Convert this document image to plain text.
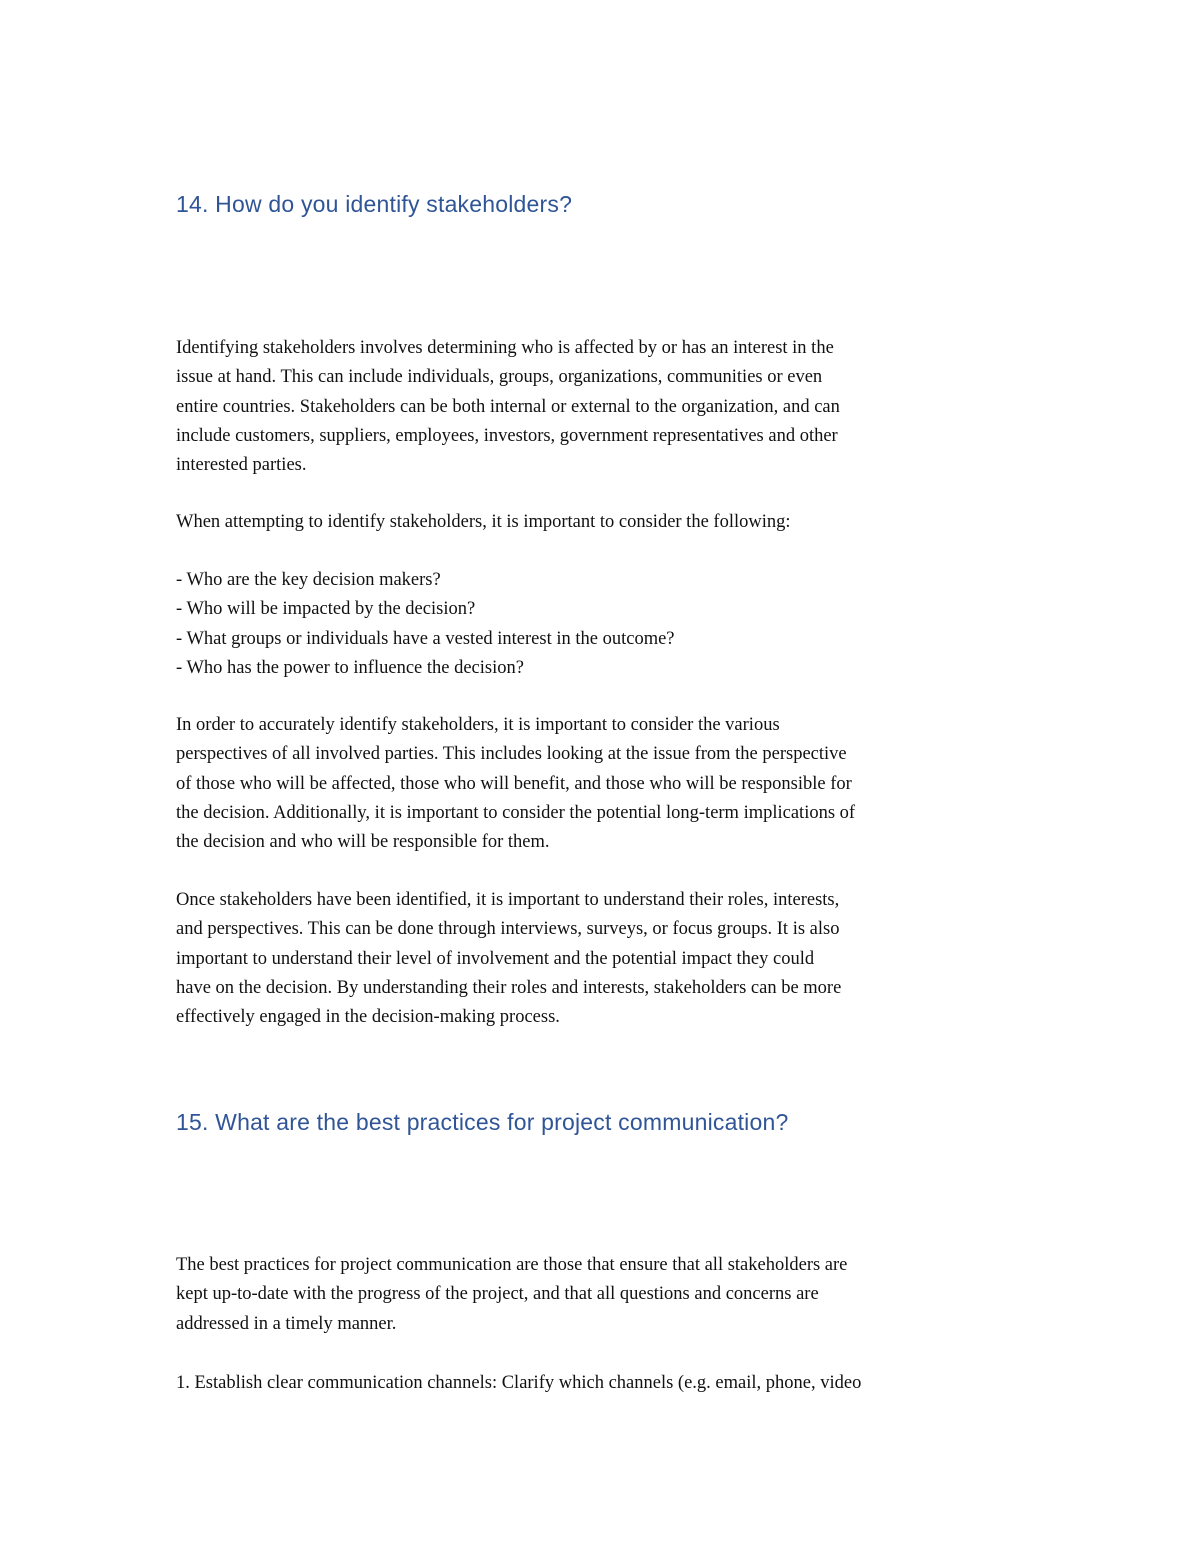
14. How do you identify stakeholders?

Identifying stakeholders involves determining who is affected by or has an interest in the
issue at hand. This can include individuals, groups, organizations, communities or even
entire countries. Stakeholders can be both internal or external to the organization, and can
include customers, suppliers, employees, investors, government representatives and other
interested parties.

When attempting to identify stakeholders, it is important to consider the following:

- Who are the key decision makers?
- Who will be impacted by the decision?
- What groups or individuals have a vested interest in the outcome?
- Who has the power to influence the decision?

In order to accurately identify stakeholders, it is important to consider the various
perspectives of all involved parties. This includes looking at the issue from the perspective
of those who will be affected, those who will benefit, and those who will be responsible for
the decision. Additionally, it is important to consider the potential long-term implications of
the decision and who will be responsible for them.

Once stakeholders have been identified, it is important to understand their roles, interests,
and perspectives. This can be done through interviews, surveys, or focus groups. It is also
important to understand their level of involvement and the potential impact they could
have on the decision. By understanding their roles and interests, stakeholders can be more
effectively engaged in the decision-making process.

15. What are the best practices for project communication?

The best practices for project communication are those that ensure that all stakeholders are
kept up-to-date with the progress of the project, and that all questions and concerns are
addressed in a timely manner.

1. Establish clear communication channels: Clarify which channels (e.g. email, phone, video
